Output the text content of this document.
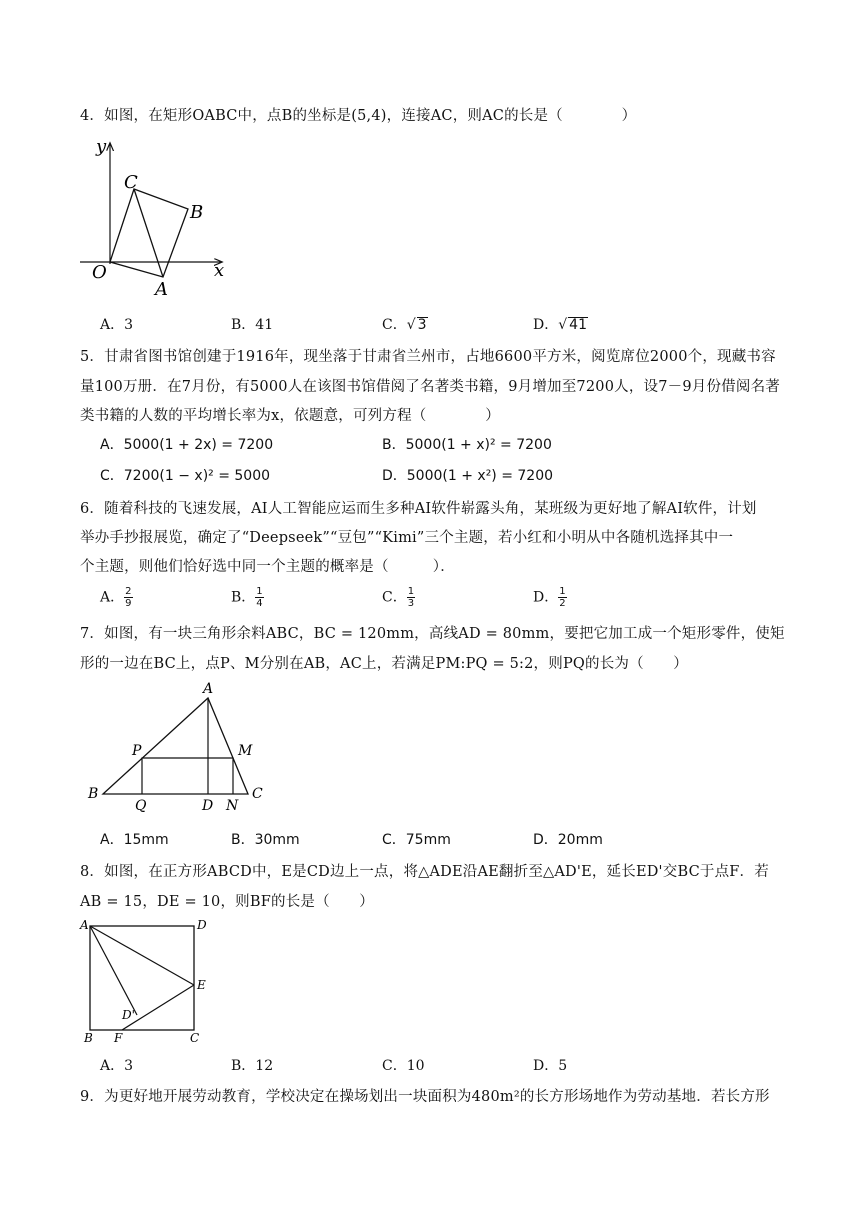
4．如图，在矩形OABC中，点B的坐标是(5,4)，连接AC，则AC的长是（　　　　）
y
x
O
A
B
C
A．3	B．41	C．√ 3	D．√ 41
5．甘肃省图书馆创建于1916年，现坐落于甘肃省兰州市，占地6600平方米，阅览席位2000个，现藏书容
量100万册．在7月份，有5000人在该图书馆借阅了名著类书籍，9月增加至7200人，设7－9月份借阅名著
类书籍的人数的平均增长率为x，依题意，可列方程（　　　　）
A．5000(1 + 2x) = 7200	B．5000(1 + x)² = 7200
C．7200(1 − x)² = 5000	D．5000(1 + x²) = 7200
6．随着科技的飞速发展，AI人工智能应运而生多种AI软件崭露头角，某班级为更好地了解AI软件，计划
举办手抄报展览，确定了“Deepseek”“豆包”“Kimi”三个主题，若小红和小明从中各随机选择其中一
个主题，则他们恰好选中同一个主题的概率是（　　　）．
A． $\frac{2}{9}$	B． $\frac{1}{4}$	C． $\frac{1}{3}$	D． $\frac{1}{2}$
7．如图，有一块三角形余料ABC，BC = 120mm，高线AD = 80mm，要把它加工成一个矩形零件，使矩
形的一边在BC上，点P、M分别在AB，AC上，若满足PM:PQ = 5:2，则PQ的长为（　　）
A
B	C
P	M
Q	D N
A．15mm	B．30mm	C．75mm	D．20mm
8．如图，在正方形ABCD中，E是CD边上一点，将△ADE沿AE翻折至△AD'E，延长ED'交BC于点F．若
AB = 15，DE = 10，则BF的长是（　　）
A	D
E
D'
B F	C
A．3	B．12	C．10	D．5
9．为更好地开展劳动教育，学校决定在操场划出一块面积为480m²的长方形场地作为劳动基地．若长方形
